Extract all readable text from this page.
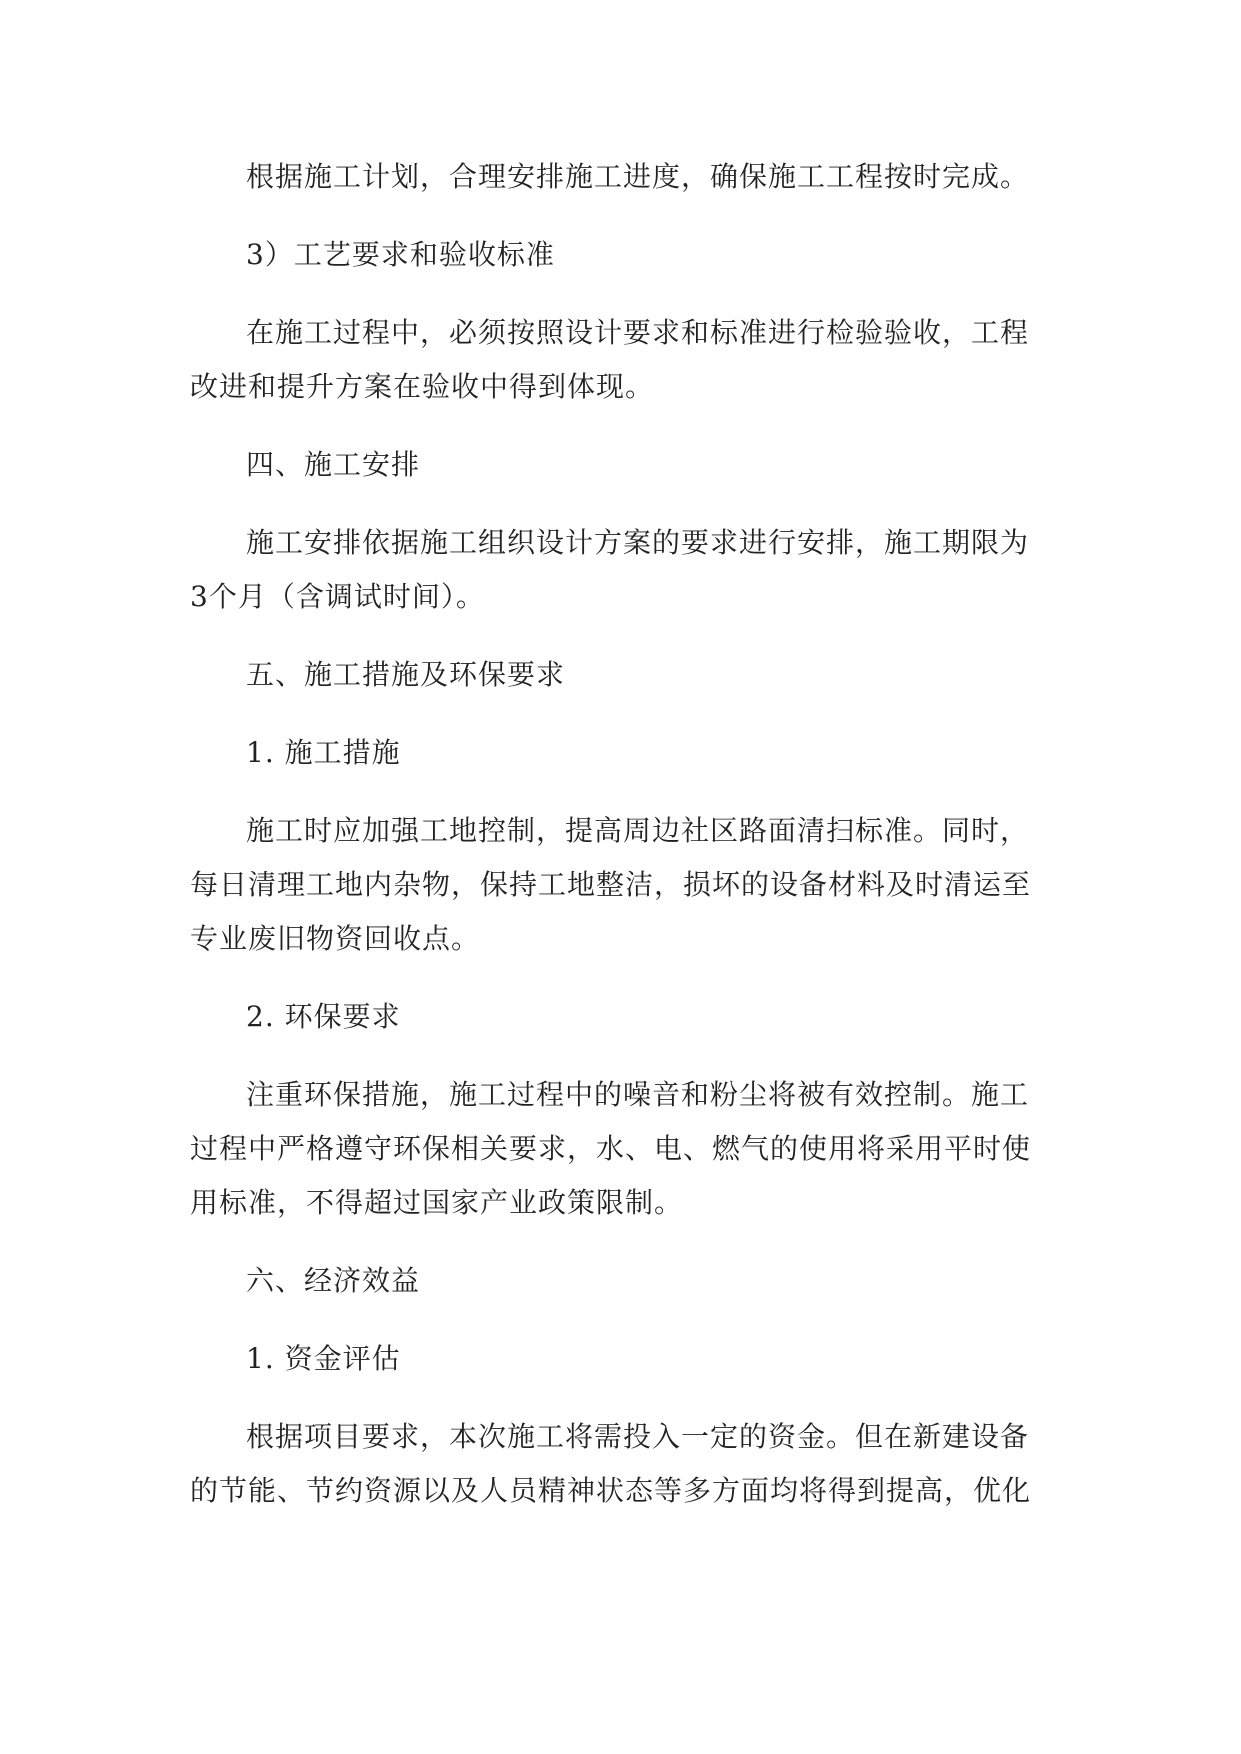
根据施工计划，合理安排施工进度，确保施工工程按时完成。

3）工艺要求和验收标准

在施工过程中，必须按照设计要求和标准进行检验验收，工程改进和提升方案在验收中得到体现。

四、施工安排

施工安排依据施工组织设计方案的要求进行安排，施工期限为3个月（含调试时间）。

五、施工措施及环保要求

1. 施工措施

施工时应加强工地控制，提高周边社区路面清扫标准。同时，每日清理工地内杂物，保持工地整洁，损坏的设备材料及时清运至专业废旧物资回收点。

2. 环保要求

注重环保措施，施工过程中的噪音和粉尘将被有效控制。施工过程中严格遵守环保相关要求，水、电、燃气的使用将采用平时使用标准，不得超过国家产业政策限制。

六、经济效益

1. 资金评估

根据项目要求，本次施工将需投入一定的资金。但在新建设备的节能、节约资源以及人员精神状态等多方面均将得到提高，优化
